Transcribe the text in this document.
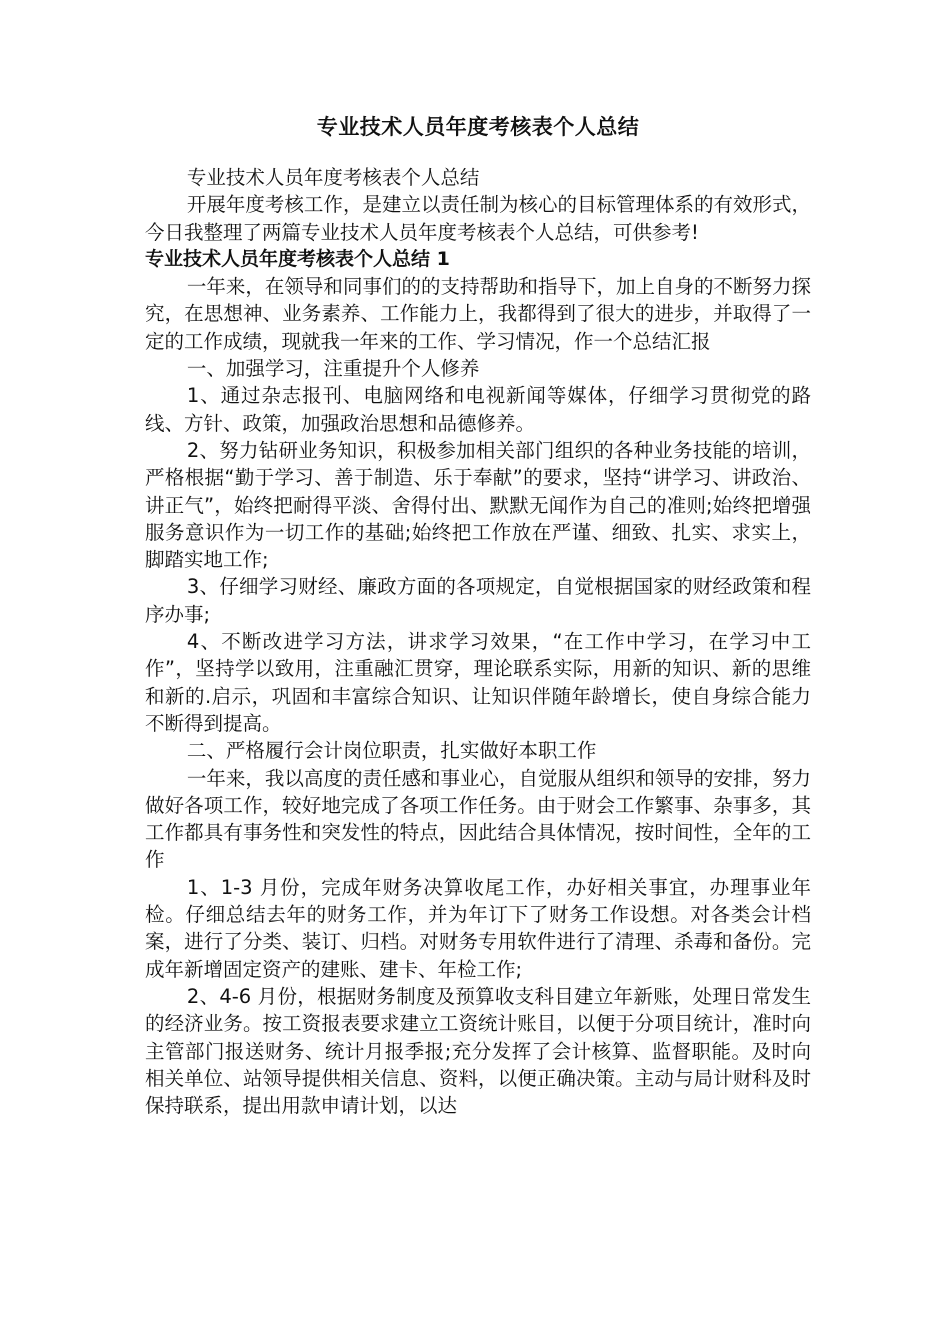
专业技术人员年度考核表个人总结

专业技术人员年度考核表个人总结

开展年度考核工作，是建立以责任制为核心的目标管理体系的有效形式，今日我整理了两篇专业技术人员年度考核表个人总结，可供参考!

专业技术人员年度考核表个人总结 1

一年来，在领导和同事们的的支持帮助和指导下，加上自身的不断努力探究，在思想神、业务素养、工作能力上，我都得到了很大的进步，并取得了一定的工作成绩，现就我一年来的工作、学习情况，作一个总结汇报

一、加强学习，注重提升个人修养

1、通过杂志报刊、电脑网络和电视新闻等媒体，仔细学习贯彻党的路线、方针、政策，加强政治思想和品德修养。

2、努力钻研业务知识，积极参加相关部门组织的各种业务技能的培训，严格根据“勤于学习、善于制造、乐于奉献”的要求，坚持“讲学习、讲政治、讲正气”，始终把耐得平淡、舍得付出、默默无闻作为自己的准则;始终把增强服务意识作为一切工作的基础;始终把工作放在严谨、细致、扎实、求实上，脚踏实地工作;

3、仔细学习财经、廉政方面的各项规定，自觉根据国家的财经政策和程序办事;

4、不断改进学习方法，讲求学习效果，“在工作中学习，在学习中工作”，坚持学以致用，注重融汇贯穿，理论联系实际，用新的知识、新的思维和新的.启示，巩固和丰富综合知识、让知识伴随年龄增长，使自身综合能力不断得到提高。

二、严格履行会计岗位职责，扎实做好本职工作

一年来，我以高度的责任感和事业心，自觉服从组织和领导的安排，努力做好各项工作，较好地完成了各项工作任务。由于财会工作繁事、杂事多，其工作都具有事务性和突发性的特点，因此结合具体情况，按时间性，全年的工作

1、1-3 月份，完成年财务决算收尾工作，办好相关事宜，办理事业年检。仔细总结去年的财务工作，并为年订下了财务工作设想。对各类会计档案，进行了分类、装订、归档。对财务专用软件进行了清理、杀毒和备份。完成年新增固定资产的建账、建卡、年检工作;

2、4-6 月份，根据财务制度及预算收支科目建立年新账，处理日常发生的经济业务。按工资报表要求建立工资统计账目，以便于分项目统计，准时向主管部门报送财务、统计月报季报;充分发挥了会计核算、监督职能。及时向相关单位、站领导提供相关信息、资料，以便正确决策。主动与局计财科及时保持联系，提出用款申请计划，以达
